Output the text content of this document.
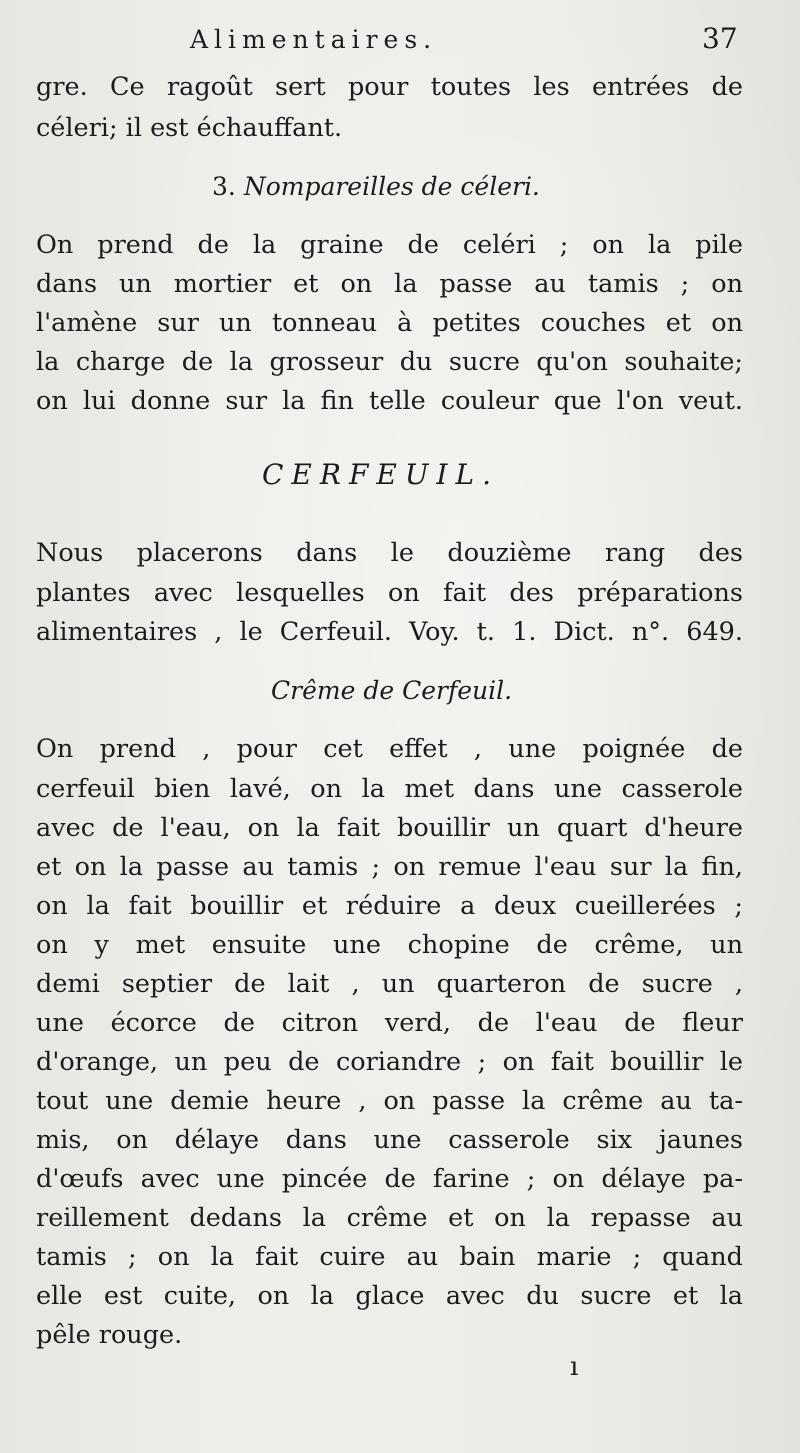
Alimentaires.	37
gre. Ce ragoût sert pour toutes les entrées de
céleri; il est échauffant.
3. Nompareilles de céleri.
On prend de la graine de celéri ; on la pile
dans un mortier et on la passe au tamis ; on
l'amène sur un tonneau à petites couches et on
la charge de la grosseur du sucre qu'on souhaite;
on lui donne sur la fin telle couleur que l'on veut.
CERFEUIL.
Nous placerons dans le douzième rang des
plantes avec lesquelles on fait des préparations
alimentaires , le Cerfeuil. Voy. t. 1. Dict. n°. 649.
Crême de Cerfeuil.
On prend , pour cet effet , une poignée de
cerfeuil bien lavé, on la met dans une casserole
avec de l'eau, on la fait bouillir un quart d'heure
et on la passe au tamis ; on remue l'eau sur la fin,
on la fait bouillir et réduire a deux cueillerées ;
on y met ensuite une chopine de crême, un
demi septier de lait , un quarteron de sucre ,
une écorce de citron verd, de l'eau de fleur
d'orange, un peu de coriandre ; on fait bouillir le
tout une demie heure , on passe la crême au ta-
mis, on délaye dans une casserole six jaunes
d'œufs avec une pincée de farine ; on délaye pa-
reillement dedans la crême et on la repasse au
tamis ; on la fait cuire au bain marie ; quand
elle est cuite, on la glace avec du sucre et la
pêle rouge.
ı
